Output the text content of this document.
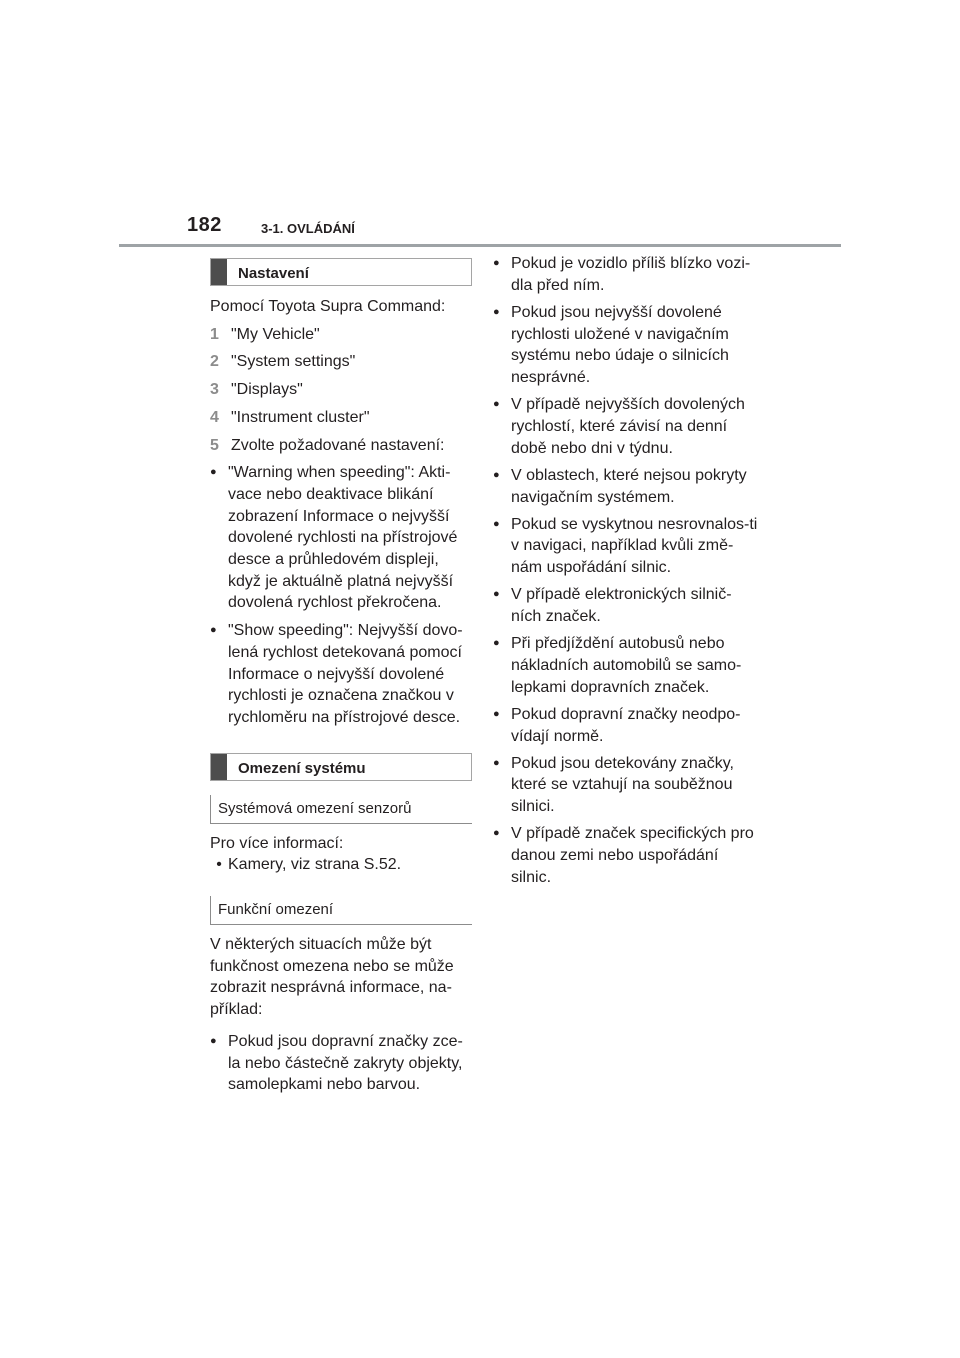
182	3-1. OVLÁDÁNÍ
Nastavení

Pomocí Toyota Supra Command:

1 "My Vehicle"
2 "System settings"
3 "Displays"
4 "Instrument cluster"
5 Zvolte požadované nastavení:
● "Warning when speeding": Akti-vace nebo deaktivace blikání zobrazení Informace o nejvyšší dovolené rychlosti na přístrojové desce a průhledovém displeji, když je aktuálně platná nejvyšší dovolená rychlost překročena.
● "Show speeding": Nejvyšší dovo-lená rychlost detekovaná pomocí Informace o nejvyšší dovolené rychlosti je označena značkou v rychloměru na přístrojové desce.
Omezení systému
Systémová omezení senzorů

Pro více informací:

• Kamery, viz strana S.52.
Funkční omezení

V některých situacích může být funkčnost omezena nebo se může zobrazit nesprávná informace, na-příklad:

● Pokud jsou dopravní značky zce-la nebo částečně zakryty objekty, samolepkami nebo barvou.
● Pokud je vozidlo příliš blízko vozi-dla před ním.
● Pokud jsou nejvyšší dovolené rychlosti uložené v navigačním systému nebo údaje o silnicích nesprávné.
● V případě nejvyšších dovolených rychlostí, které závisí na denní době nebo dni v týdnu.
● V oblastech, které nejsou pokryty navigačním systémem.
● Pokud se vyskytnou nesrovnalos-ti v navigaci, například kvůli změ-nám uspořádání silnic.
● V případě elektronických silnič-ních značek.
● Při předjíždění autobusů nebo nákladních automobilů se samo-lepkami dopravních značek.
● Pokud dopravní značky neodpo-vídají normě.
● Pokud jsou detekovány značky, které se vztahují na souběžnou silnici.
● V případě značek specifických pro danou zemi nebo uspořádání silnic.
